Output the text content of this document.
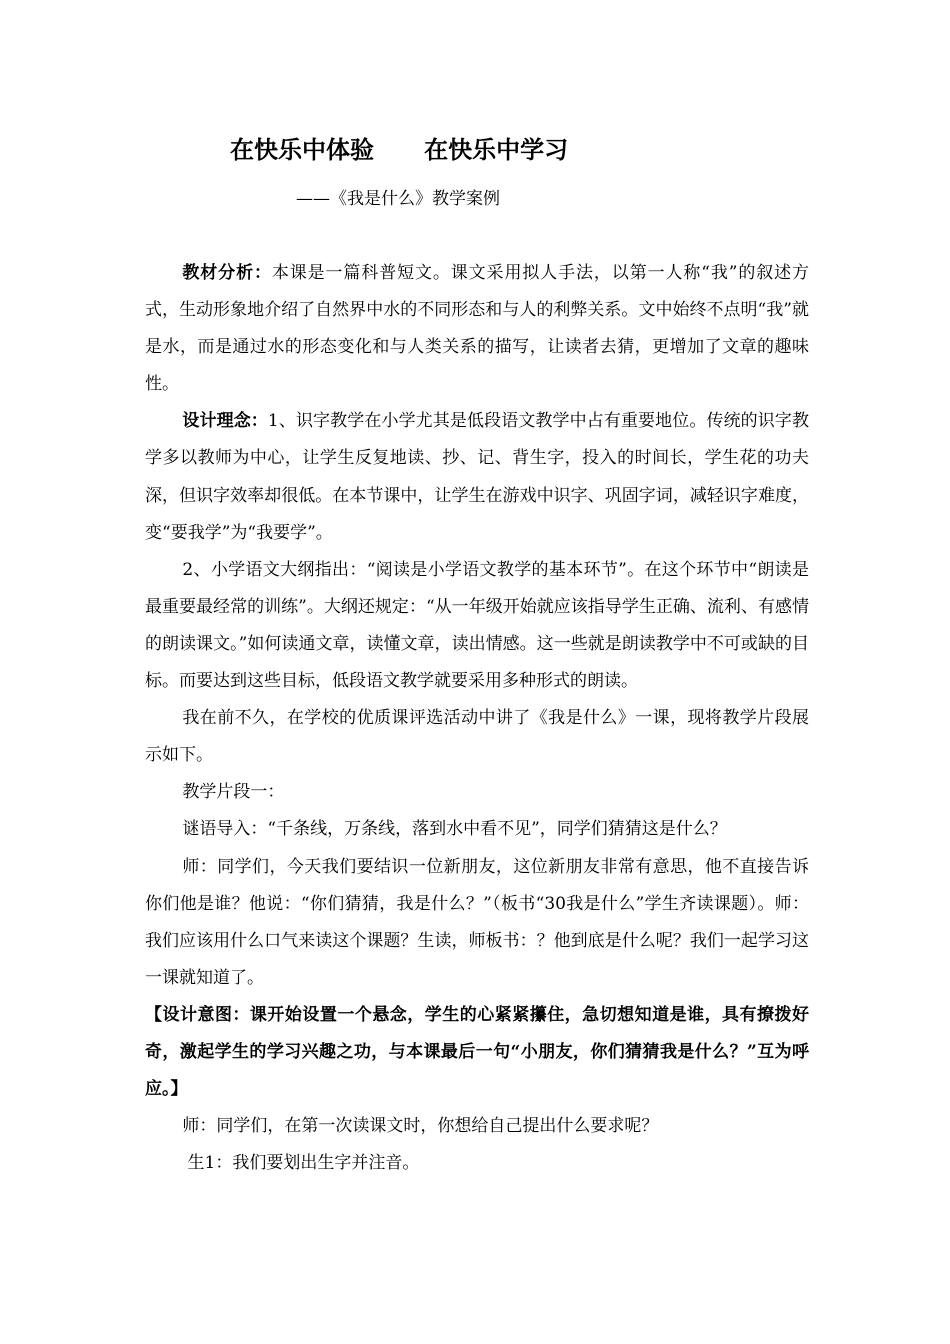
在快乐中体验      在快乐中学习
——《我是什么》教学案例

教材分析：本课是一篇科普短文。课文采用拟人手法，以第一人称“我”的叙述方式，生动形象地介绍了自然界中水的不同形态和与人的利弊关系。文中始终不点明“我”就是水，而是通过水的形态变化和与人类关系的描写，让读者去猜，更增加了文章的趣味性。

设计理念：1、识字教学在小学尤其是低段语文教学中占有重要地位。传统的识字教学多以教师为中心，让学生反复地读、抄、记、背生字，投入的时间长，学生花的功夫深，但识字效率却很低。在本节课中，让学生在游戏中识字、巩固字词，减轻识字难度，变“要我学”为“我要学”。

2、小学语文大纲指出：“阅读是小学语文教学的基本环节”。在这个环节中“朗读是最重要最经常的训练”。大纲还规定：“从一年级开始就应该指导学生正确、流利、有感情的朗读课文。”如何读通文章，读懂文章，读出情感。这一些就是朗读教学中不可或缺的目标。而要达到这些目标，低段语文教学就要采用多种形式的朗读。

我在前不久，在学校的优质课评选活动中讲了《我是什么》一课，现将教学片段展示如下。

教学片段一：

谜语导入：“千条线，万条线，落到水中看不见”，同学们猜猜这是什么？

师：同学们，今天我们要结识一位新朋友，这位新朋友非常有意思，他不直接告诉你们他是谁？他说：“你们猜猜，我是什么？”（板书“30我是什么”学生齐读课题）。师：我们应该用什么口气来读这个课题？生读，师板书：？他到底是什么呢？我们一起学习这一课就知道了。

【设计意图：课开始设置一个悬念，学生的心紧紧攥住，急切想知道是谁，具有撩拨好奇，激起学生的学习兴趣之功，与本课最后一句“小朋友，你们猜猜我是什么？”互为呼应。】

师：同学们，在第一次读课文时，你想给自己提出什么要求呢？

生1：我们要划出生字并注音。
